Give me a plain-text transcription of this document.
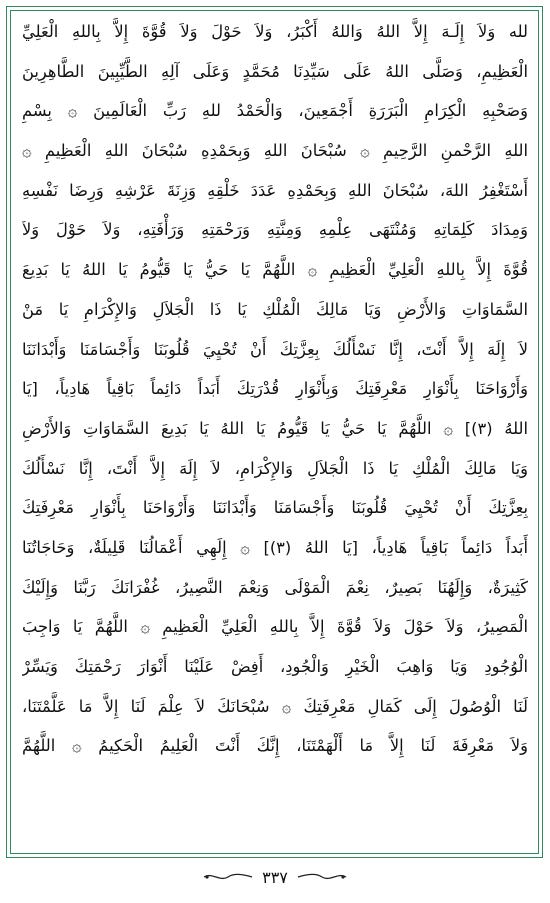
لله وَلاَ إِلَـهَ إِلاَّ اللهُ وَاللهُ أَكْبَرُ، وَلاَ حَوْلَ وَلاَ قُوَّةَ إِلاَّ بِاللهِ الْعَلِيِّ
الْعَظِيمِ، وَصَلَّى اللهُ عَلَى سَيِّدِنَا مُحَمَّدٍ وَعَلَى آلِهِ الطَّيِّبِينَ الطَّاهِرِينَ
وَصَحْبِهِ الْكِرَامِ الْبَرَرَةِ أَجْمَعِينَ، وَالْحَمْدُ للهِ رَبِّ الْعَالَمِينَ ۞ بِسْمِ
اللهِ الرَّحْمنِ الرَّحِيمِ ۞ سُبْحَانَ اللهِ وَبِحَمْدِهِ سُبْحَانَ اللهِ الْعَظِيمِ ۞
أَسْتَغْفِرُ اللهَ، سُبْحَانَ اللهِ وَبِحَمْدِهِ عَدَدَ خَلْقِهِ وَزِنَةَ عَرْشِهِ وَرِضَا نَفْسِهِ
وَمِدَادَ كَلِمَاتِهِ وَمُنْتَهَى عِلْمِهِ وَمِنَّتِهِ وَرَحْمَتِهِ وَرَأْفَتِهِ، وَلاَ حَوْلَ وَلاَ
قُوَّةَ إِلاَّ بِاللهِ الْعَلِيِّ الْعَظِيمِ ۞ اللَّهُمَّ يَا حَيُّ يَا قَيُّومُ يَا اللهُ يَا بَدِيعَ
السَّمَاوَاتِ وَالأَرْضِ وَيَا مَالِكَ الْمُلْكِ يَا ذَا الْجَلاَلِ وَالإِكْرَامِ يَا مَنْ
لاَ إِلَهَ إِلاَّ أَنْتَ، إِنَّا نَسْأَلُكَ بِعِزَّتِكَ أَنْ تُحْيِيَ قُلُوبَنَا وَأَجْسَامَنَا وَأَبْدَانَنَا
وَأَرْوَاحَنَا بِأَنْوَارِ مَعْرِفَتِكَ وَبِأَنْوَارِ قُدْرَتِكَ أَبَداً دَائِماً بَاقِياً هَادِياً، [يَا
اللهُ (٣)] ۞ اللَّهُمَّ يَا حَيُّ يَا قَيُّومُ يَا اللهُ يَا بَدِيعَ السَّمَاوَاتِ وَالأَرْضِ
وَيَا مَالِكَ الْمُلْكِ يَا ذَا الْجَلاَلِ وَالإِكْرَامِ، لاَ إِلَهَ إِلاَّ أَنْتَ، إِنَّا نَسْأَلُكَ
بِعِزَّتِكَ أَنْ تُحْيِيَ قُلُوبَنَا وَأَجْسَامَنَا وَأَبْدَانَنَا وَأَرْوَاحَنَا بِأَنْوَارِ مَعْرِفَتِكَ
أَبَداً دَائِماً بَاقِياً هَادِياً، [يَا اللهُ (٣)] ۞ إِلَهِي أَعْمَالُنَا قَلِيلَةٌ، وَحَاجَاتُنَا
كَثِيرَةٌ، وَإِلَهُنَا بَصِيرٌ، نِعْمَ الْمَوْلَى وَنِعْمَ النَّصِيرُ، غُفْرَانَكَ رَبَّنَا وَإِلَيْكَ
الْمَصِيرُ، وَلاَ حَوْلَ وَلاَ قُوَّةَ إِلاَّ بِاللهِ الْعَلِيِّ الْعَظِيمِ ۞ اللَّهُمَّ يَا وَاجِبَ
الْوُجُودِ وَيَا وَاهِبَ الْخَيْرِ وَالْجُودِ، أَفِضْ عَلَيْنَا أَنْوَارَ رَحْمَتِكَ وَيَسِّرْ
لَنَا الْوُصُولَ إِلَى كَمَالِ مَعْرِفَتِكَ ۞ سُبْحَانَكَ لاَ عِلْمَ لَنَا إِلاَّ مَا عَلَّمْتَنَا،
وَلاَ مَعْرِفَةَ لَنَا إِلاَّ مَا أَلْهَمْتَنَا، إِنَّكَ أَنْتَ الْعَلِيمُ الْحَكِيمُ ۞ اللَّهُمَّ
٣٣٧
